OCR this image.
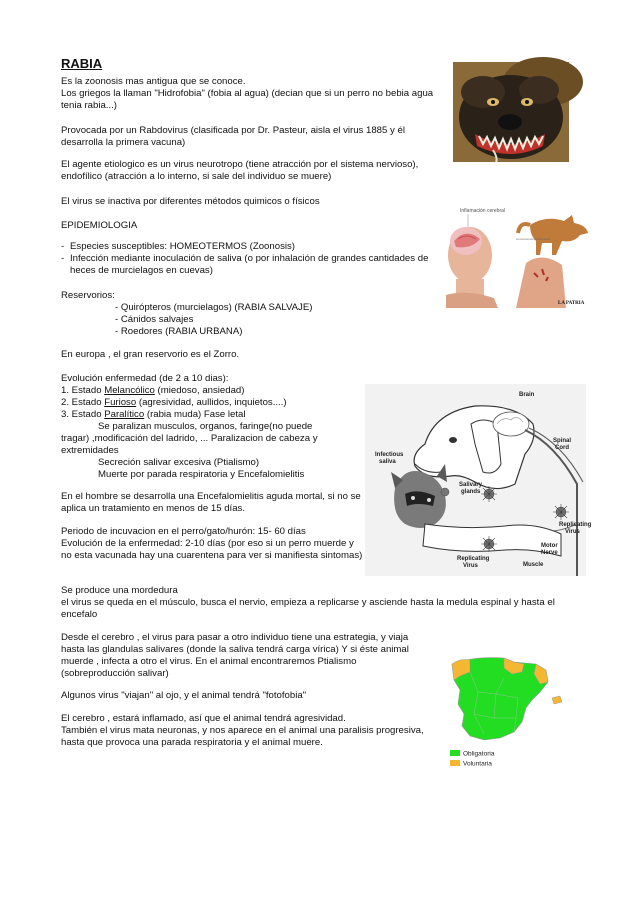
RABIA

Es la zoonosis mas antigua que se conoce.

Los griegos la llaman "Hidrofobia" (fobia al agua) (decian que si un perro no bebia agua

tenia rabia...)

Provocada por un Rabdovirus (clasificada por Dr. Pasteur, aisla el virus 1885 y él

desarrolla la primera vacuna)

El agente etiologico es un virus neurotropo (tiene atracción por el sistema nervioso),

endofílico (atracción a lo interno, si sale del individuo se muere)

El virus se inactiva por diferentes métodos quimicos o físicos

EPIDEMIOLOGIA

- Especies susceptibles: HOMEOTERMOS (Zoonosis)

- Infección mediante inoculación de saliva (o por inhalación de grandes cantidades de

heces de murcielagos en cuevas)

Reservorios:

- Quirópteros (murcielagos) (RABIA SALVAJE)

- Cánidos salvajes

- Roedores (RABIA URBANA)

En europa , el gran reservorio es el Zorro.

Evolución enfermedad (de 2 a 10 dias):

1. Estado Melancólico (miedoso, ansiedad)

2. Estado Furioso (agresividad, aullidos, inquietos....)

3. Estado Paralítico (rabia muda) Fase letal

Se paralizan musculos, organos, faringe(no puede

tragar) ,modificación del ladrido, ... Paralizacion de cabeza y

extremidades

Secreción salivar excesiva (Ptialismo)

Muerte por parada respiratoria y Encefalomielitis

En el hombre se desarrolla una Encefalomielitis aguda mortal, si no se

aplica un tratamiento en menos de 15 días.

Periodo de incuvacion en el perro/gato/hurón: 15- 60 días

Evolución de la enfermedad: 2-10 días (por eso si un perro muerde y

no esta vacunada hay una cuarentena para ver si manifiesta sintomas)

Se produce una mordedura

el virus se queda en el músculo, busca el nervio, empieza a replicarse y asciende hasta la medula espinal y hasta el

encefalo

Desde el cerebro , el virus para pasar a otro individuo tiene una estrategia, y viaja

hasta las glandulas salivares (donde la saliva tendrá carga vírica) Y si éste animal

muerde , infecta a otro el virus. En el animal encontraremos Ptialismo

(sobreproducción salivar)

Algunos virus "viajan" al ojo, y el animal tendrá "fotofobia"

El cerebro , estará inflamado, así que el animal tendrá agresividad.

También el virus mata neuronas, y nos aparece en el animal una paralisis progresiva,

hasta que provoca una parada respiratoria y el animal muere.

Inflamación cerebral
El virus se transmite a través de la saliva del animal infectado por una mordedura
LA PATRIA
Brain
Spinal
Cord
Infectious
saliva
Salivary
glands
Replicating
Virus
Motor
Nerve
Replicating
Virus	Muscle
Obligatoria
Voluntaria
